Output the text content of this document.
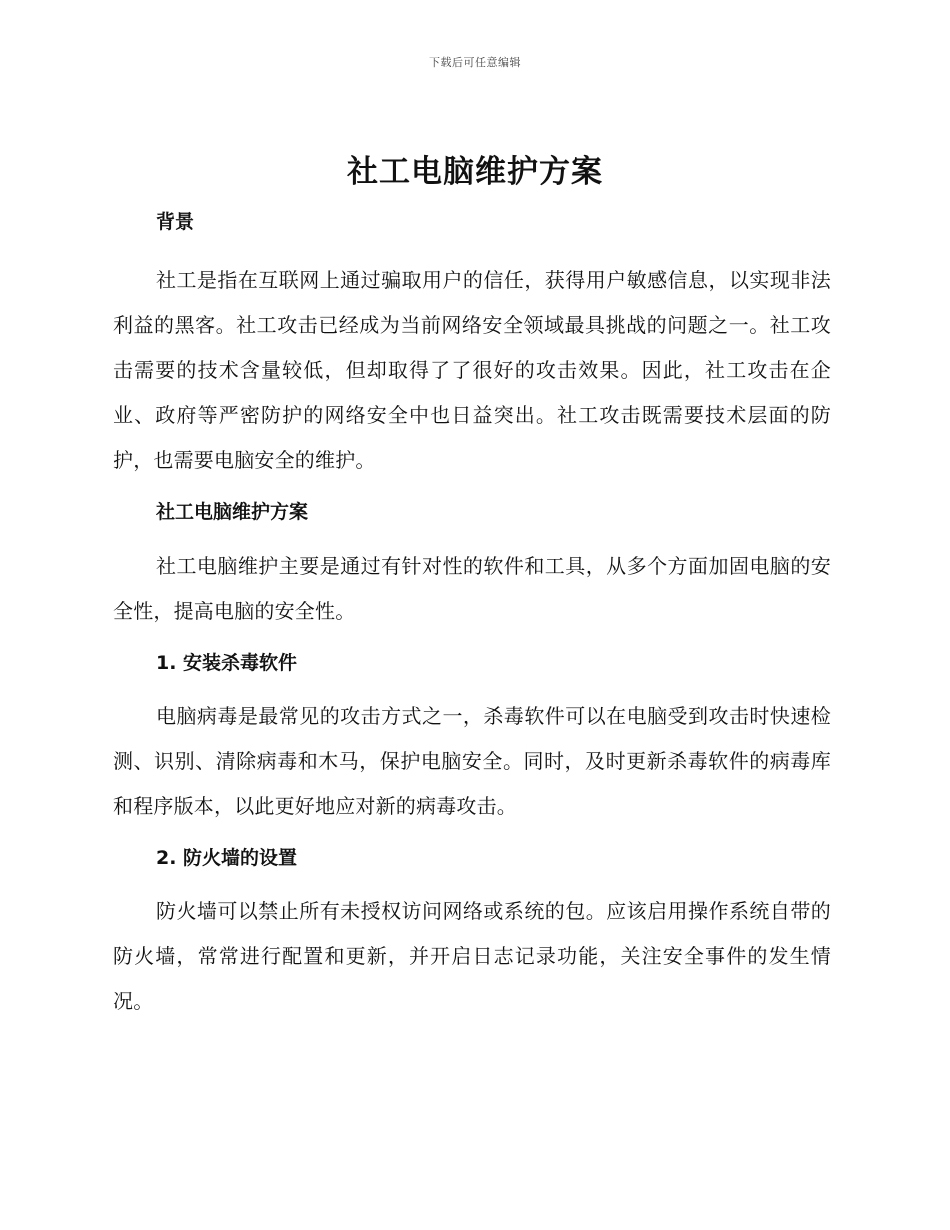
下载后可任意编辑
社工电脑维护方案
背景

社工是指在互联网上通过骗取用户的信任，获得用户敏感信息，以实现非法利益的黑客。社工攻击已经成为当前网络安全领域最具挑战的问题之一。社工攻击需要的技术含量较低，但却取得了了很好的攻击效果。因此，社工攻击在企业、政府等严密防护的网络安全中也日益突出。社工攻击既需要技术层面的防护，也需要电脑安全的维护。

社工电脑维护方案

社工电脑维护主要是通过有针对性的软件和工具，从多个方面加固电脑的安全性，提高电脑的安全性。

1. 安装杀毒软件

电脑病毒是最常见的攻击方式之一，杀毒软件可以在电脑受到攻击时快速检测、识别、清除病毒和木马，保护电脑安全。同时，及时更新杀毒软件的病毒库和程序版本，以此更好地应对新的病毒攻击。

2. 防火墙的设置

防火墙可以禁止所有未授权访问网络或系统的包。应该启用操作系统自带的防火墙，常常进行配置和更新，并开启日志记录功能，关注安全事件的发生情况。
